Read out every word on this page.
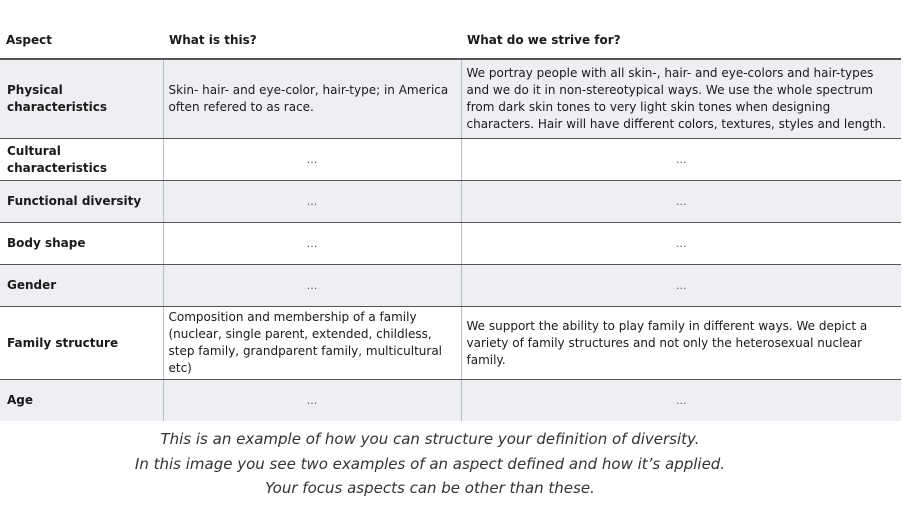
Aspect	What is this?	What do we strive for?
Physical characteristics	Skin- hair- and eye-color, hair-type; in America often refered to as race.	We portray people with all skin-, hair- and eye-colors and hair-types and we do it in non-stereotypical ways. We use the whole spectrum from dark skin tones to very light skin tones when designing characters. Hair will have different colors, textures, styles and length.
Cultural characteristics	...	...
Functional diversity	...	...
Body shape	...	...
Gender	...	...
Family structure	Composition and membership of a family (nuclear, single parent, extended, childless, step family, grandparent family, multicultural etc)	We support the ability to play family in different ways. We depict a variety of family structures and not only the heterosexual nuclear family.
Age	...	...
This is an example of how you can structure your definition of diversity.
In this image you see two examples of an aspect defined and how it’s applied.
Your focus aspects can be other than these.
